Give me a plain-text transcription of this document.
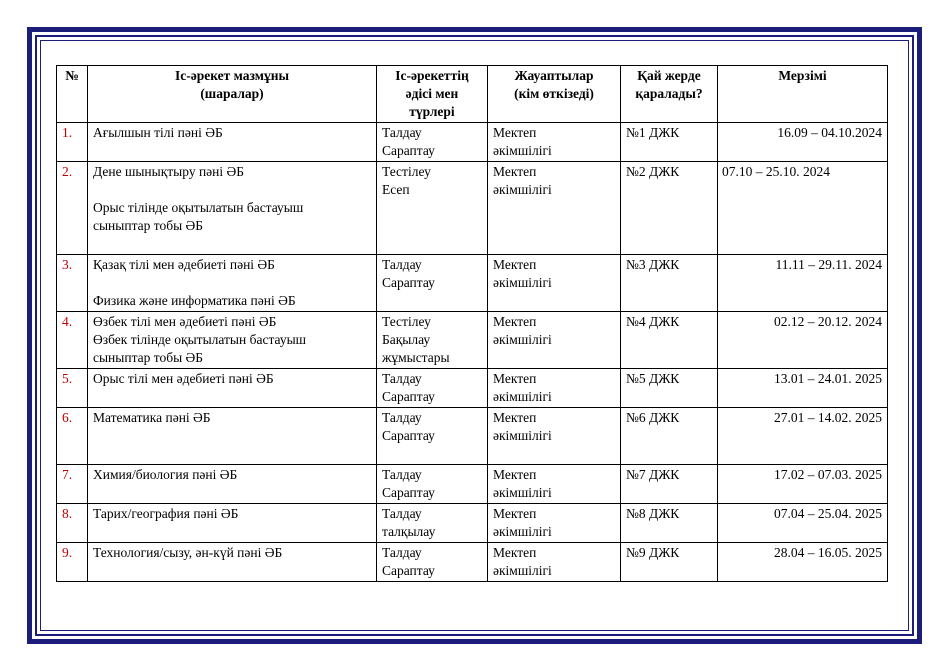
№	Іс-әрекет мазмұны
(шаралар)	Іс-әрекеттің
әдісі мен
түрлері	Жауаптылар
(кім өткізеді)	Қай жерде
қаралады?	Мерзімі

1.	Ағылшын тілі пәні ӘБ	Талдау
Сараптау	Мектеп
әкімшілігі	№1 ДЖК	16.09 – 04.10.2024
2.	Дене шынықтыру пәні ӘБ
Орыс тілінде оқытылатын бастауыш
сыныптар тобы ӘБ	Тестілеу
Есеп	Мектеп
әкімшілігі	№2 ДЖК	07.10 – 25.10. 2024
3.	Қазақ тілі мен әдебиеті пәні ӘБ
Физика және информатика пәні ӘБ	Талдау
Сараптау	Мектеп
әкімшілігі	№3 ДЖК	11.11 – 29.11. 2024
4.	Өзбек тілі мен әдебиеті пәні ӘБ
Өзбек тілінде оқытылатын бастауыш
сыныптар тобы ӘБ	Тестілеу
Бақылау
жұмыстары	Мектеп
әкімшілігі	№4 ДЖК	02.12 – 20.12. 2024
5.	Орыс тілі мен әдебиеті пәні ӘБ	Талдау
Сараптау	Мектеп
әкімшілігі	№5 ДЖК	13.01 – 24.01. 2025
6.	Математика пәні ӘБ	Талдау
Сараптау	Мектеп
әкімшілігі	№6 ДЖК	27.01 – 14.02. 2025
7.	Химия/биология пәні ӘБ	Талдау
Сараптау	Мектеп
әкімшілігі	№7 ДЖК	17.02 – 07.03. 2025
8.	Тарих/география пәні ӘБ	Талдау
талқылау	Мектеп
әкімшілігі	№8 ДЖК	07.04 – 25.04. 2025
9.	Технология/сызу, ән-күй пәні ӘБ	Талдау
Сараптау	Мектеп
әкімшілігі	№9 ДЖК	28.04 – 16.05. 2025
